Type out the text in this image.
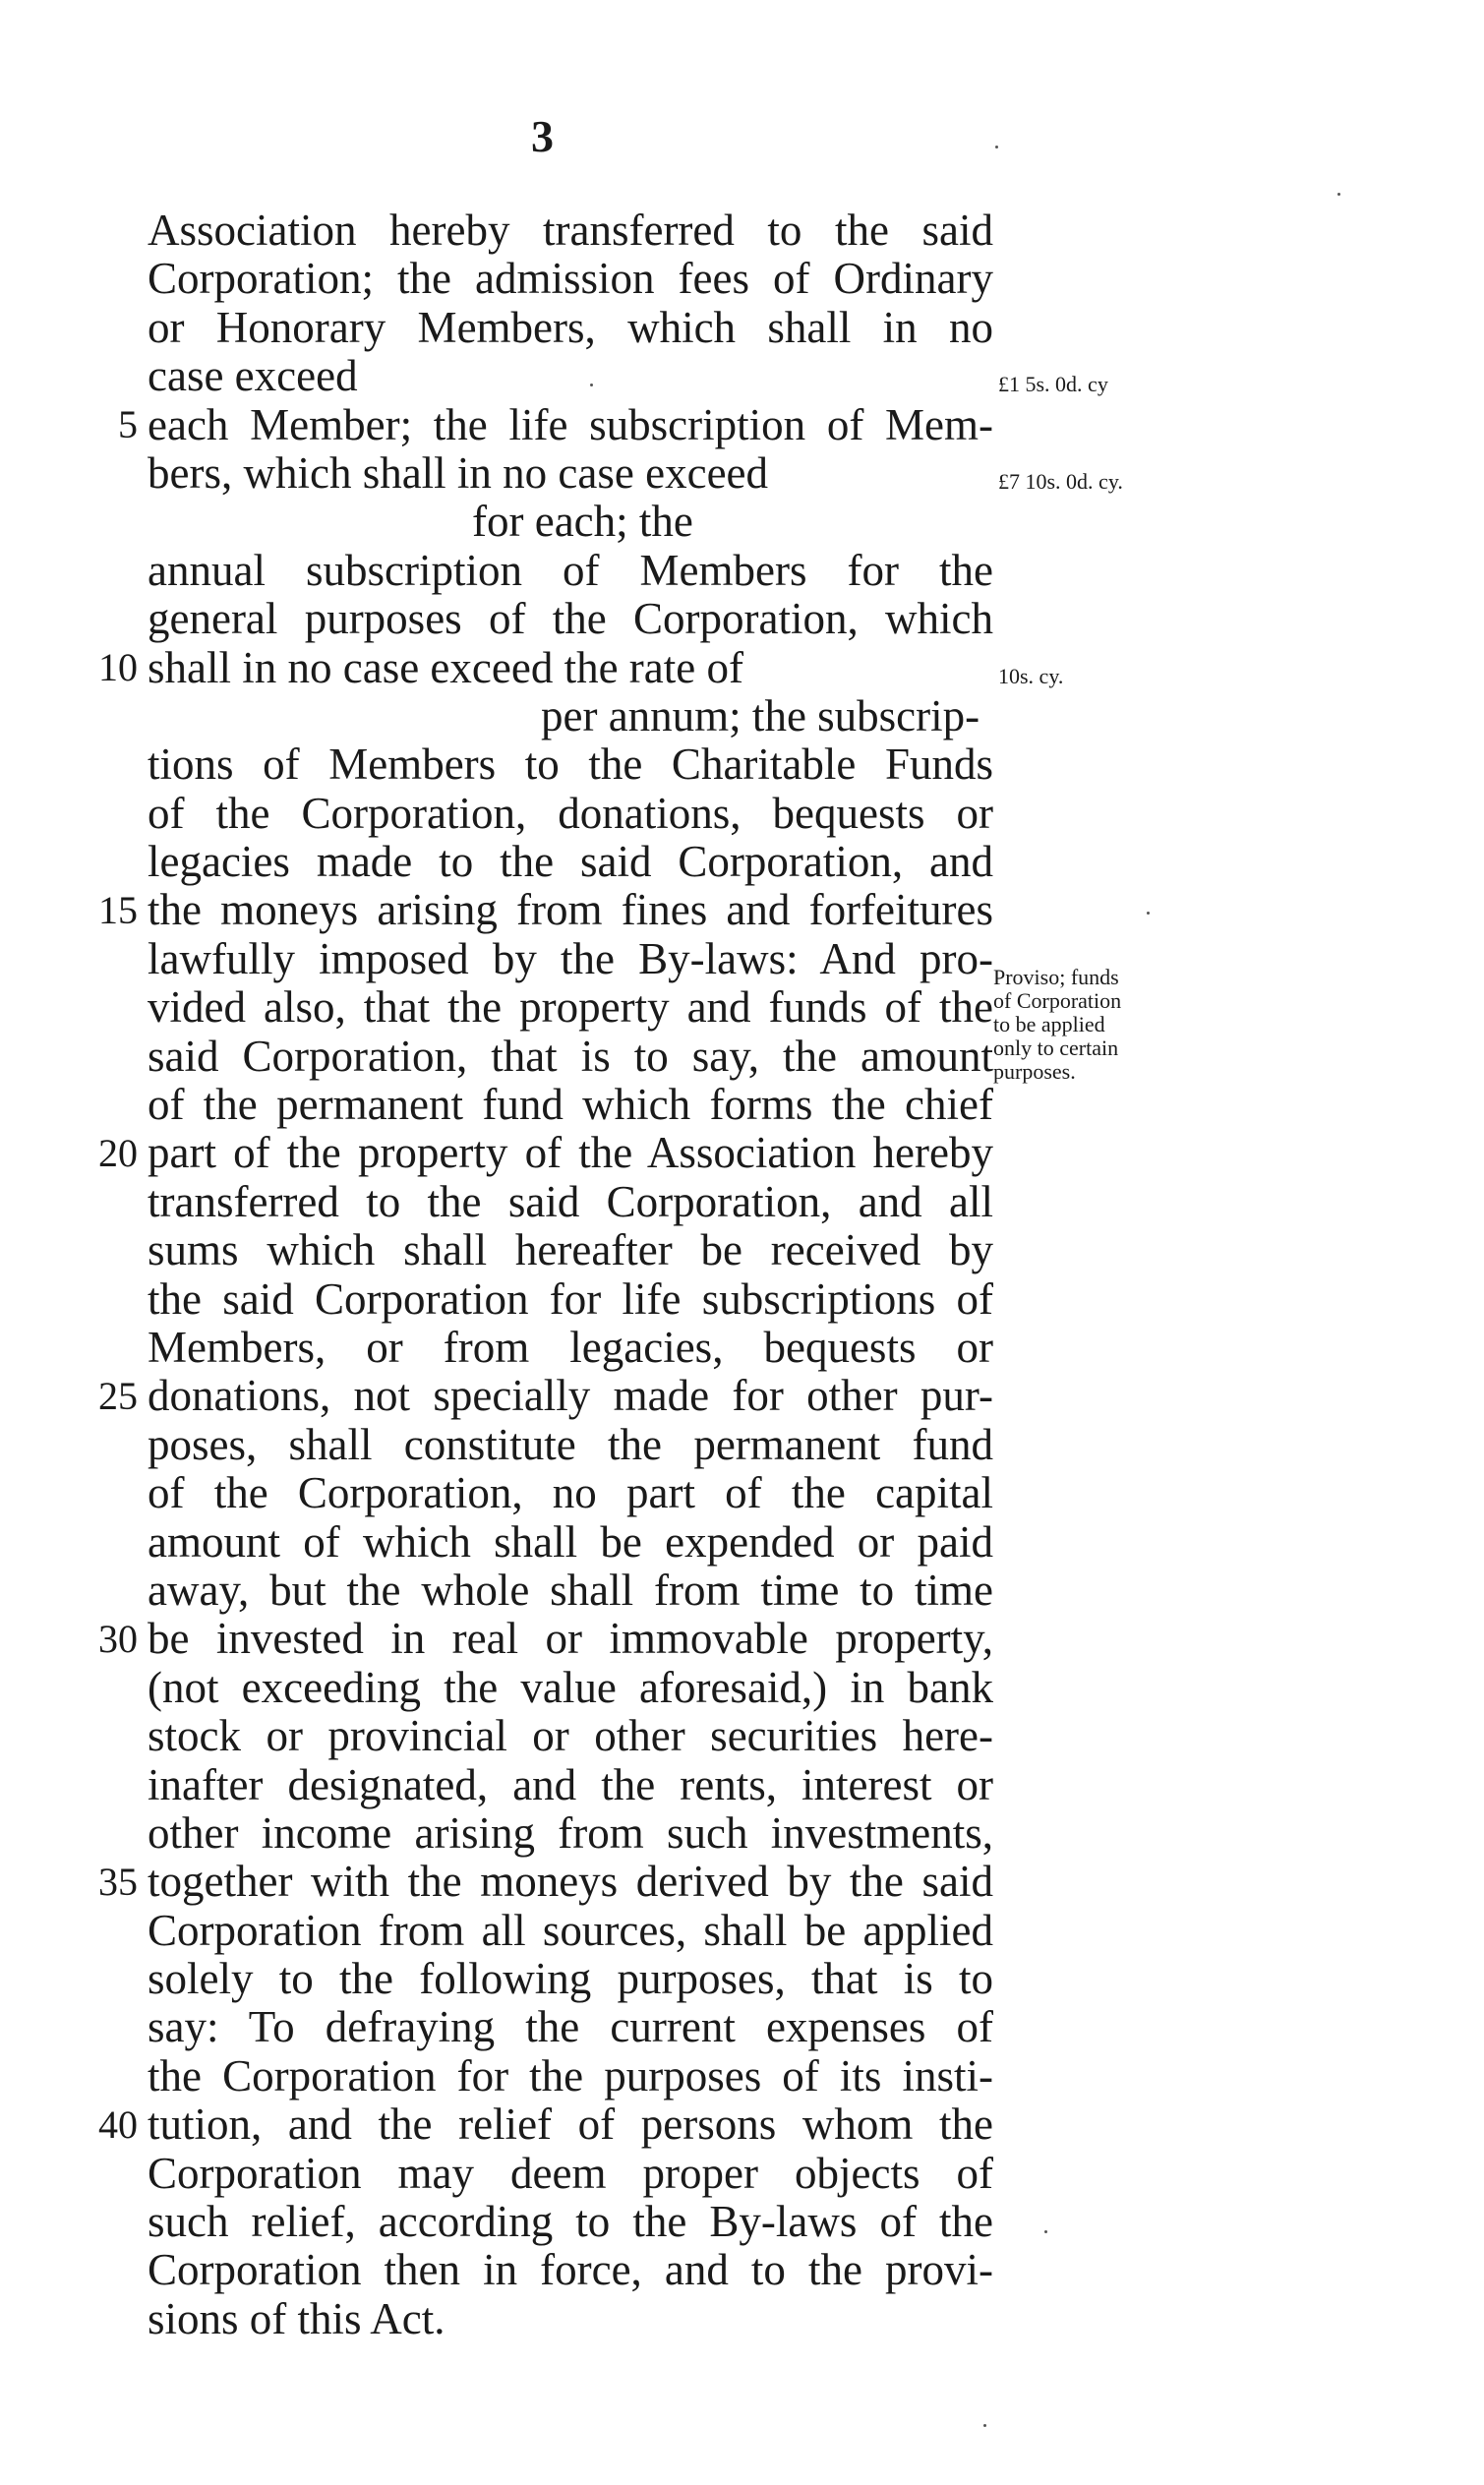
3
Association hereby transferred to the said
Corporation; the admission fees of Ordinary
or Honorary Members, which shall in no
case exceed
each Member; the life subscription of Mem-
bers, which shall in no case exceed
for each; the
annual subscription of Members for the
general purposes of the Corporation, which
shall in no case exceed the rate of
per annum; the subscrip-
tions of Members to the Charitable Funds
of the Corporation, donations, bequests or
legacies made to the said Corporation, and
the moneys arising from fines and forfeitures
lawfully imposed by the By-laws: And pro-
vided also, that the property and funds of the
said Corporation, that is to say, the amount
of the permanent fund which forms the chief
part of the property of the Association hereby
transferred to the said Corporation, and all
sums which shall hereafter be received by
the said Corporation for life subscriptions of
Members, or from legacies, bequests or
donations, not specially made for other pur-
poses, shall constitute the permanent fund
of the Corporation, no part of the capital
amount of which shall be expended or paid
away, but the whole shall from time to time
be invested in real or immovable property,
(not exceeding the value aforesaid,) in bank
stock or provincial or other securities here-
inafter designated, and the rents, interest or
other income arising from such investments,
together with the moneys derived by the said
Corporation from all sources, shall be applied
solely to the following purposes, that is to
say: To defraying the current expenses of
the Corporation for the purposes of its insti-
tution, and the relief of persons whom the
Corporation may deem proper objects of
such relief, according to the By-laws of the
Corporation then in force, and to the provi-
sions of this Act.
5
10
15
20
25
30
35
40
£1 5s. 0d. cy
£7 10s. 0d. cy.
10s. cy.
Proviso; funds
of Corporation
to be applied
only to certain
purposes.
